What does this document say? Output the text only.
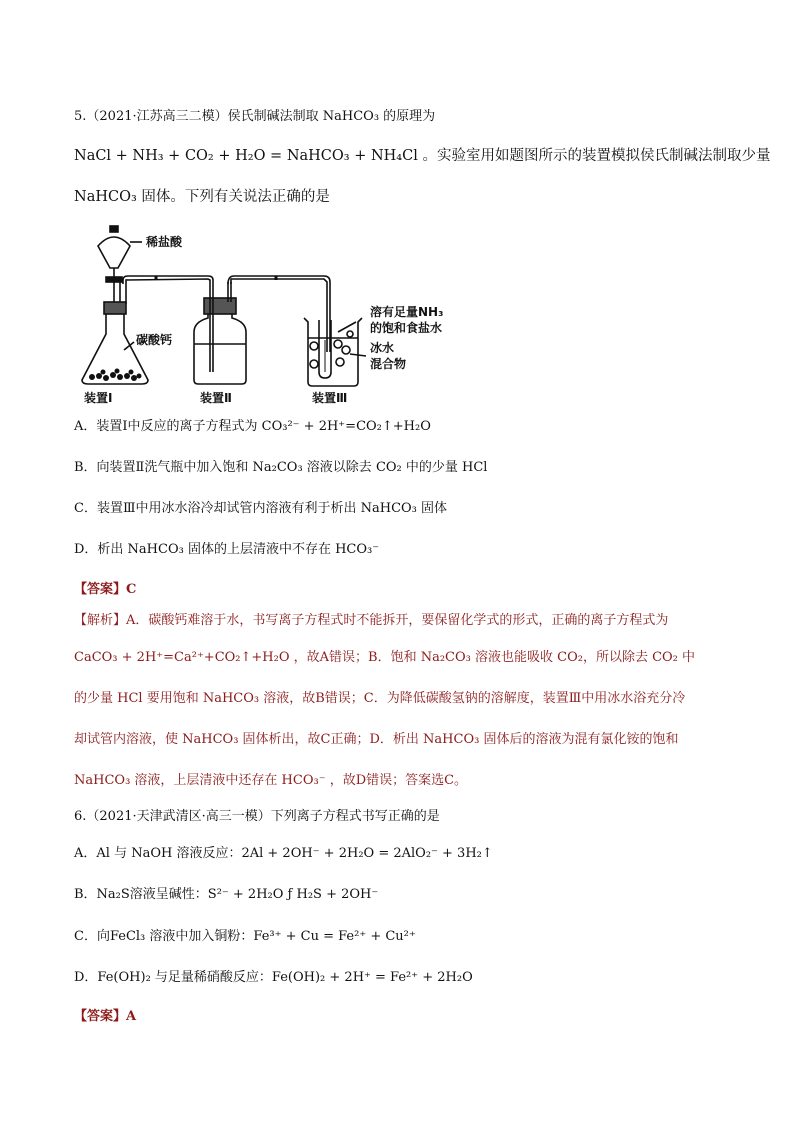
5.（2021·江苏高三二模）侯氏制碱法制取 NaHCO₃ 的原理为
NaCl + NH₃ + CO₂ + H₂O = NaHCO₃ + NH₄Cl 。实验室用如题图所示的装置模拟侯氏制碱法制取少量
NaHCO₃ 固体。下列有关说法正确的是
稀盐酸
碳酸钙
溶有足量NH₃
的饱和食盐水
冰水
混合物
装置Ⅰ	装置Ⅱ	装置Ⅲ
A．装置Ⅰ中反应的离子方程式为 CO₃²⁻ + 2H⁺=CO₂↑+H₂O
B．向装置Ⅱ洗气瓶中加入饱和 Na₂CO₃ 溶液以除去 CO₂ 中的少量 HCl
C．装置Ⅲ中用冰水浴冷却试管内溶液有利于析出 NaHCO₃ 固体
D．析出 NaHCO₃ 固体的上层清液中不存在 HCO₃⁻
【答案】C
【解析】A．碳酸钙难溶于水，书写离子方程式时不能拆开，要保留化学式的形式，正确的离子方程式为
CaCO₃ + 2H⁺=Ca²⁺+CO₂↑+H₂O ，故A错误；B．饱和 Na₂CO₃ 溶液也能吸收 CO₂，所以除去 CO₂ 中
的少量 HCl 要用饱和 NaHCO₃ 溶液，故B错误；C．为降低碳酸氢钠的溶解度，装置Ⅲ中用冰水浴充分冷
却试管内溶液，使 NaHCO₃ 固体析出，故C正确；D．析出 NaHCO₃ 固体后的溶液为混有氯化铵的饱和
NaHCO₃ 溶液，上层清液中还存在 HCO₃⁻ ，故D错误；答案选C。
6.（2021·天津武清区·高三一模）下列离子方程式书写正确的是
A．Al 与 NaOH 溶液反应：2Al + 2OH⁻ + 2H₂O = 2AlO₂⁻ + 3H₂↑
B．Na₂S溶液呈碱性：S²⁻ + 2H₂O ƒ H₂S + 2OH⁻
C．向FeCl₃ 溶液中加入铜粉：Fe³⁺ + Cu = Fe²⁺ + Cu²⁺
D．Fe(OH)₂ 与足量稀硝酸反应：Fe(OH)₂ + 2H⁺ = Fe²⁺ + 2H₂O
【答案】A
